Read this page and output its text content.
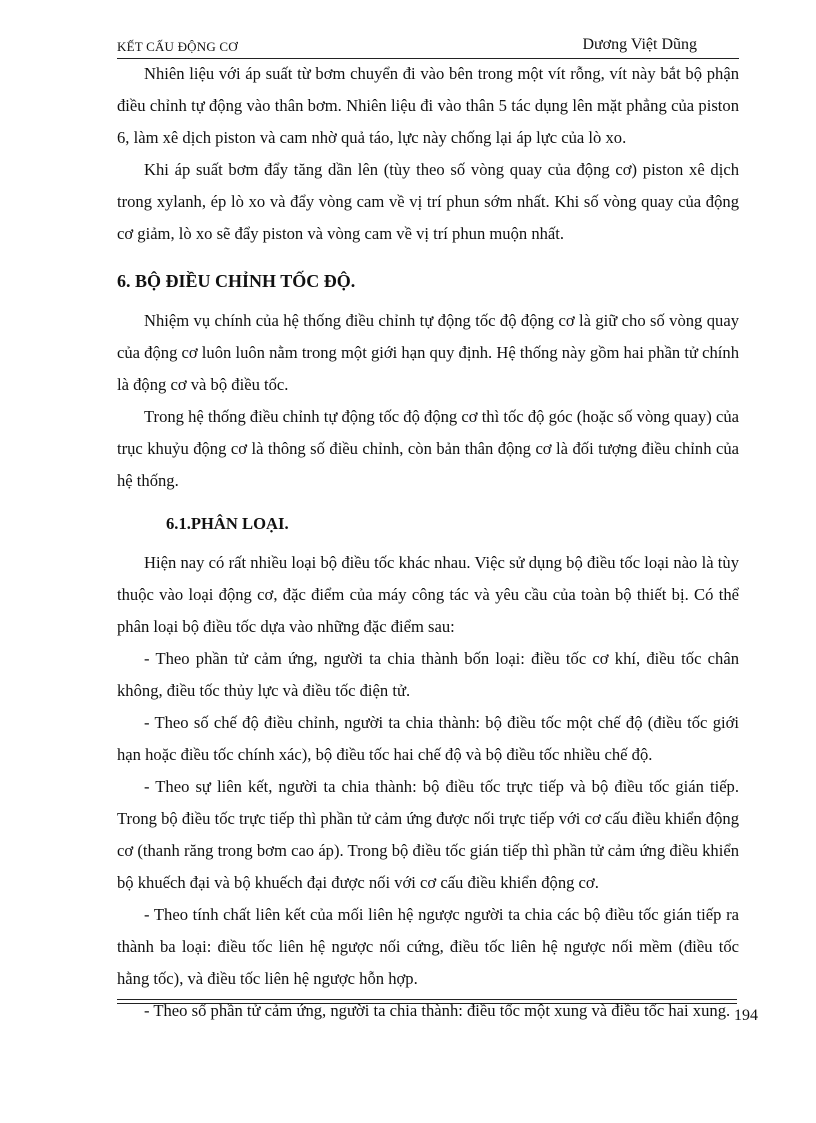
KẾT CẤU ĐỘNG CƠ	Dương Việt Dũng

Nhiên liệu với áp suất từ bơm chuyển đi vào bên trong một vít rỗng, vít này bắt bộ phận điều chỉnh tự động vào thân bơm. Nhiên liệu đi vào thân 5 tác dụng lên mặt phẳng của piston 6, làm xê dịch piston và cam nhờ quả táo, lực này chống lại áp lực của lò xo.

Khi áp suất bơm đẩy tăng dần lên (tùy theo số vòng quay của động cơ) piston xê dịch trong xylanh, ép lò xo và đẩy vòng cam về vị trí phun sớm nhất. Khi số vòng quay của động cơ giảm, lò xo sẽ đẩy piston và vòng cam về vị trí phun muộn nhất.

6. BỘ ĐIỀU CHỈNH TỐC ĐỘ.

Nhiệm vụ chính của hệ thống điều chỉnh tự động tốc độ động cơ là giữ cho số vòng quay của động cơ luôn luôn nằm trong một giới hạn quy định. Hệ thống này gồm hai phần tử chính là động cơ và bộ điều tốc.

Trong hệ thống điều chỉnh tự động tốc độ động cơ thì tốc độ góc (hoặc số vòng quay) của trục khuỷu động cơ là thông số điều chỉnh, còn bản thân động cơ là đối tượng điều chỉnh của hệ thống.

6.1.PHÂN LOẠI.

Hiện nay có rất nhiều loại bộ điều tốc khác nhau. Việc sử dụng bộ điều tốc loại nào là tùy thuộc vào loại động cơ, đặc điểm của máy công tác và yêu cầu của toàn bộ thiết bị. Có thể phân loại bộ điều tốc dựa vào những đặc điểm sau:

- Theo phần tử cảm ứng, người ta chia thành bốn loại: điều tốc cơ khí, điều tốc chân không, điều tốc thủy lực và điều tốc điện tử.

- Theo số chế độ điều chỉnh, người ta chia thành: bộ điều tốc một chế độ (điều tốc giới hạn hoặc điều tốc chính xác), bộ điều tốc hai chế độ và bộ điều tốc nhiều chế độ.

- Theo sự liên kết, người ta chia thành: bộ điều tốc trực tiếp và bộ điều tốc gián tiếp. Trong bộ điều tốc trực tiếp thì phần tử cảm ứng được nối trực tiếp với cơ cấu điều khiển động cơ (thanh răng trong bơm cao áp). Trong bộ điều tốc gián tiếp thì phần tử cảm ứng điều khiển bộ khuếch đại và bộ khuếch đại được nối với cơ cấu điều khiển động cơ.

- Theo tính chất liên kết của mối liên hệ ngược người ta chia các bộ điều tốc gián tiếp ra thành ba loại: điều tốc liên hệ ngược nối cứng, điều tốc liên hệ ngược nối mềm (điều tốc hằng tốc), và điều tốc liên hệ ngược hỗn hợp.

- Theo số phần tử cảm ứng, người ta chia thành: điều tốc một xung và điều tốc hai xung. 194
